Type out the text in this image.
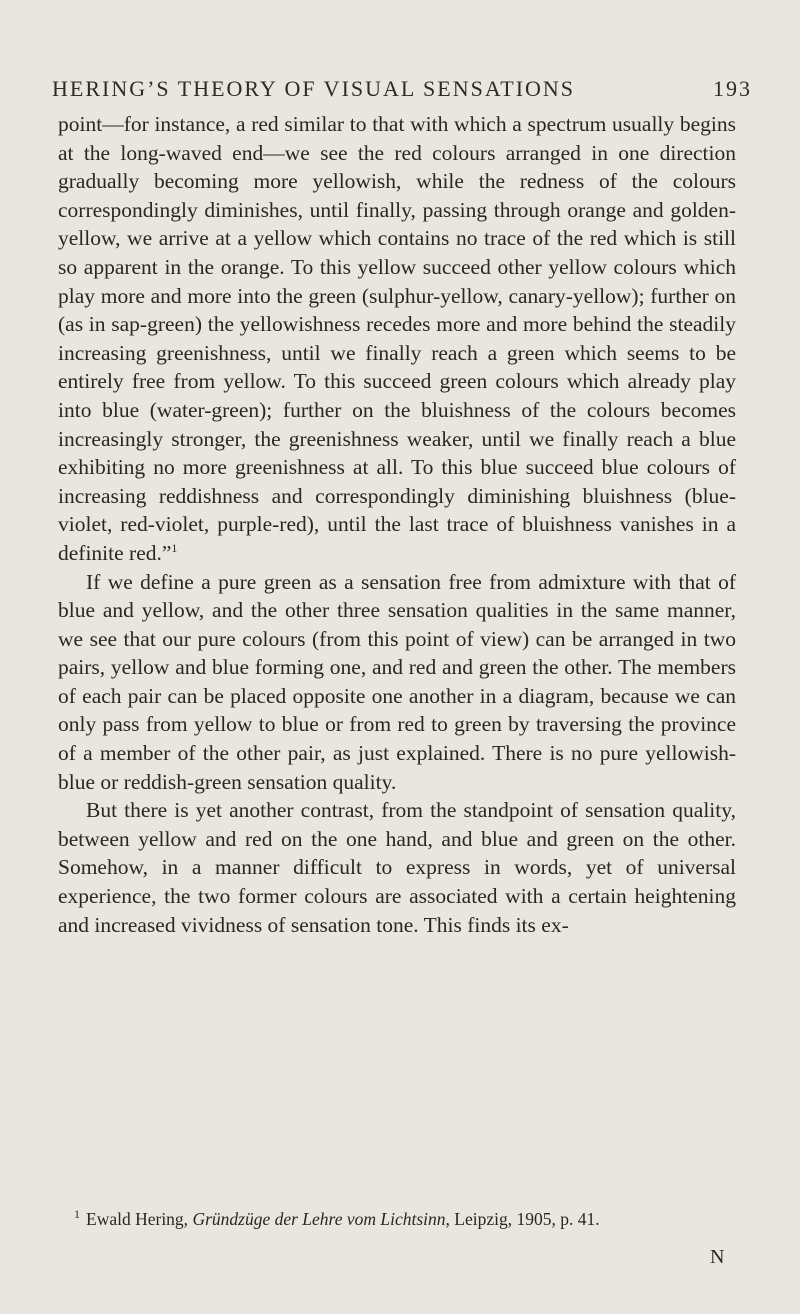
HERING’S THEORY OF VISUAL SENSATIONS	193

point—for instance, a red similar to that with which a spectrum usually begins at the long-waved end—we see the red colours arranged in one direction gradually becoming more yellowish, while the redness of the colours correspondingly diminishes, until finally, passing through orange and golden-yellow, we arrive at a yellow which contains no trace of the red which is still so apparent in the orange. To this yellow succeed other yellow colours which play more and more into the green (sulphur-yellow, canary-yellow); further on (as in sap-green) the yellowishness recedes more and more behind the steadily increasing greenishness, until we finally reach a green which seems to be entirely free from yellow. To this succeed green colours which already play into blue (water-green); further on the bluishness of the colours becomes increasingly stronger, the greenishness weaker, until we finally reach a blue exhibiting no more greenishness at all. To this blue succeed blue colours of increasing reddishness and correspondingly diminishing bluishness (blue-violet, red-violet, purple-red), until the last trace of bluishness vanishes in a definite red.”$^1$

If we define a pure green as a sensation free from admixture with that of blue and yellow, and the other three sensation qualities in the same manner, we see that our pure colours (from this point of view) can be arranged in two pairs, yellow and blue forming one, and red and green the other. The members of each pair can be placed opposite one another in a diagram, because we can only pass from yellow to blue or from red to green by traversing the province of a member of the other pair, as just explained. There is no pure yellowish-blue or reddish-green sensation quality.

But there is yet another contrast, from the standpoint of sensation quality, between yellow and red on the one hand, and blue and green on the other. Somehow, in a manner difficult to express in words, yet of universal experience, the two former colours are associated with a certain heightening and increased vividness of sensation tone. This finds its ex-

1 Ewald Hering, Gründzüge der Lehre vom Lichtsinn, Leipzig, 1905, p. 41.
N
